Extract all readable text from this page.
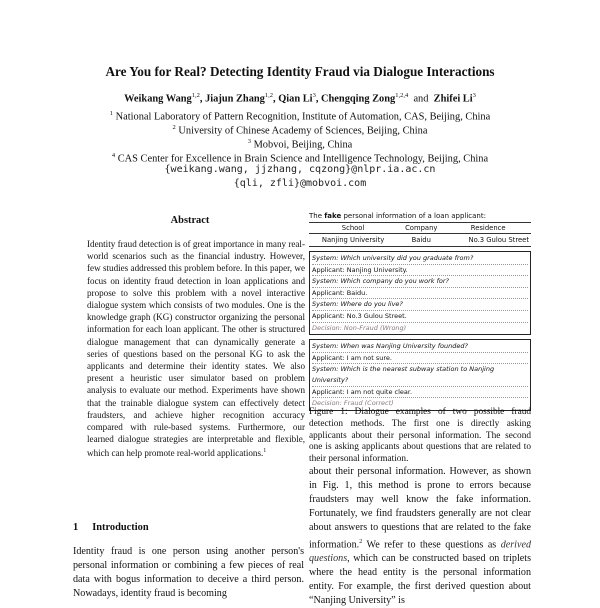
Are You for Real? Detecting Identity Fraud via Dialogue Interactions
Weikang Wang$^{1,2}$, Jiajun Zhang$^{1,2}$, Qian Li$^3$, Chengqing Zong$^{1,2,4}$ and Zhifei Li$^3$
$^1$ National Laboratory of Pattern Recognition, Institute of Automation, CAS, Beijing, China
$^2$ University of Chinese Academy of Sciences, Beijing, China
$^3$ Mobvoi, Beijing, China
$^4$ CAS Center for Excellence in Brain Science and Intelligence Technology, Beijing, China
{weikang.wang, jjzhang, cqzong}@nlpr.ia.ac.cn
{qli, zfli}@mobvoi.com
Abstract
Identity fraud detection is of great importance in many real-world scenarios such as the financial industry. However, few studies addressed this problem before. In this paper, we focus on identity fraud detection in loan applications and propose to solve this problem with a novel interactive dialogue system which consists of two modules. One is the knowledge graph (KG) constructor organizing the personal information for each loan applicant. The other is structured dialogue management that can dynamically generate a series of questions based on the personal KG to ask the applicants and determine their identity states. We also present a heuristic user simulator based on problem analysis to evaluate our method. Experiments have shown that the trainable dialogue system can effectively detect fraudsters, and achieve higher recognition accuracy compared with rule-based systems. Furthermore, our learned dialogue strategies are interpretable and flexible, which can help promote real-world applications.$^1$
1 Introduction
Identity fraud is one person using another person's personal information or combining a few pieces of real data with bogus information to deceive a third person. Nowadays, identity fraud is becoming
The fake personal information of a loan applicant:
School	Company	Residence
Nanjing University	Baidu	No.3 Gulou Street
System: Which university did you graduate from?
Applicant: Nanjing University.
System: Which company do you work for?
Applicant: Baidu.
System: Where do you live?
Applicant: No.3 Gulou Street.
Decision: Non-Fraud (Wrong)
System: When was Nanjing University founded?
Applicant: I am not sure.
System: Which is the nearest subway station to Nanjing University?
Applicant: I am not quite clear.
Decision: Fraud (Correct)
Figure 1: Dialogue examples of two possible fraud detection methods. The first one is directly asking applicants about their personal information. The second one is asking applicants about questions that are related to their personal information.
about their personal information. However, as shown in Fig. 1, this method is prone to errors because fraudsters may well know the fake information. Fortunately, we find fraudsters generally are not clear about answers to questions that are related to the fake information.$^2$ We refer to these questions as derived questions, which can be constructed based on triplets where the head entity is the personal information entity. For example, the first derived question about “Nanjing University” is
